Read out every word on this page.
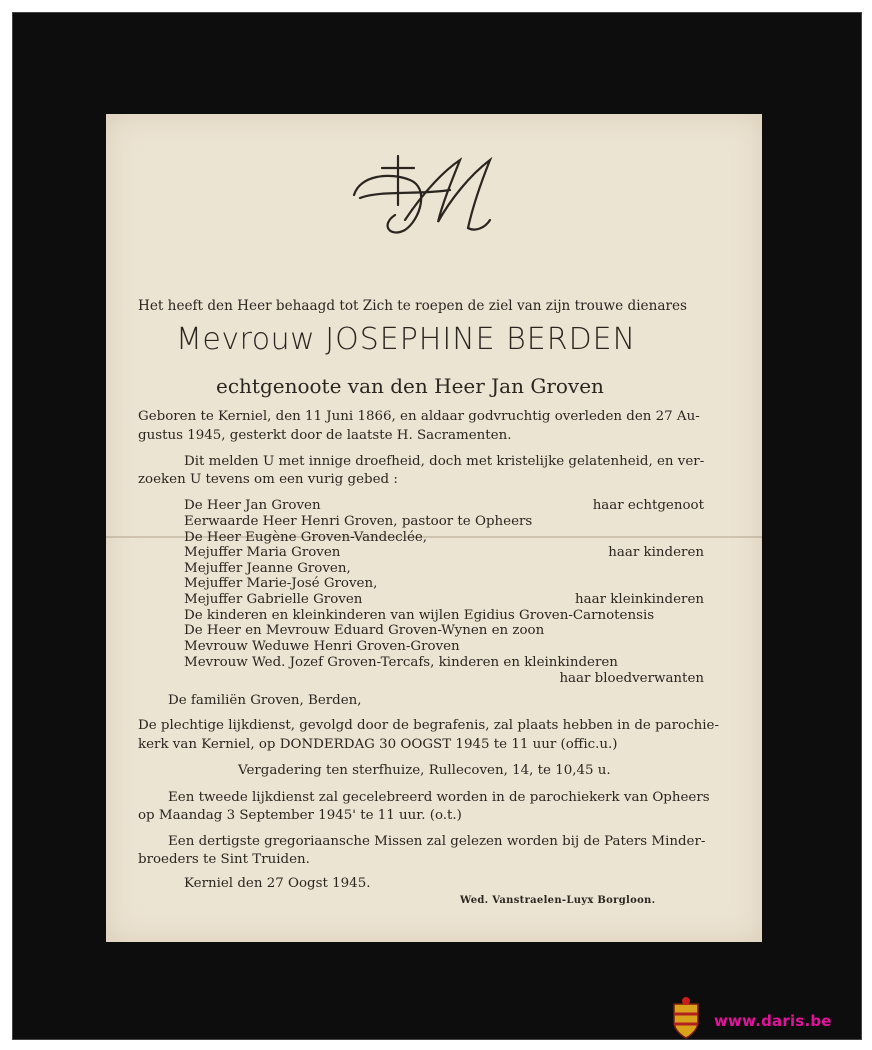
Het heeft den Heer behaagd tot Zich te roepen de ziel van zijn trouwe dienares
Mevrouw JOSEPHINE BERDEN
echtgenoote van den Heer Jan Groven
Geboren te Kerniel, den 11 Juni 1866, en aldaar godvruchtig overleden den 27 Au-
gustus 1945, gesterkt door de laatste H. Sacramenten.
Dit melden U met innige droefheid, doch met kristelijke gelatenheid, en ver-
zoeken U tevens om een vurig gebed :
De Heer Jan Groven
Eerwaarde Heer Henri Groven, pastoor te Opheers
De Heer Eugène Groven-Vandeclée,
Mejuffer Maria Groven
Mejuffer Jeanne Groven,
Mejuffer Marie-José Groven,
Mejuffer Gabrielle Groven
De kinderen en kleinkinderen van wijlen Egidius Groven-Carnotensis
De Heer en Mevrouw Eduard Groven-Wynen en zoon
Mevrouw Weduwe Henri Groven-Groven
Mevrouw Wed. Jozef Groven-Tercafs, kinderen en kleinkinderen
haar echtgenoot
haar kinderen
haar kleinkinderen
haar bloedverwanten
De familiën Groven, Berden,
De plechtige lijkdienst, gevolgd door de begrafenis, zal plaats hebben in de parochie-
kerk van Kerniel, op DONDERDAG 30 OOGST 1945 te 11 uur (offic.u.)
Vergadering ten sterfhuize, Rullecoven, 14, te 10,45 u.
Een tweede lijkdienst zal gecelebreerd worden in de parochiekerk van Opheers
op Maandag 3 September 1945' te 11 uur. (o.t.)
Een dertigste gregoriaansche Missen zal gelezen worden bij de Paters Minder-
broeders te Sint Truiden.
Kerniel den 27 Oogst 1945.
Wed. Vanstraelen-Luyx Borgloon.
www.daris.be
